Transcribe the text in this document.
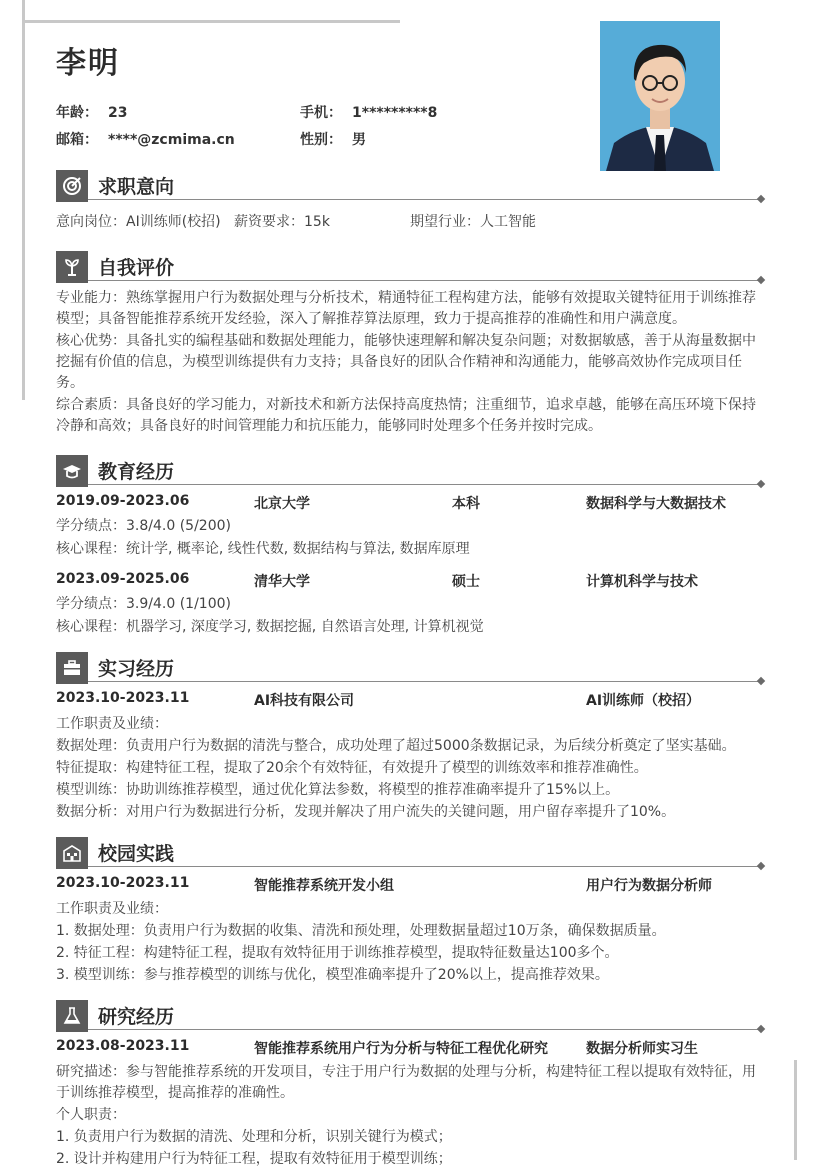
李明
年龄： 23	手机： 1*********8
邮箱： ****@zcmima.cn	性别： 男
求职意向
意向岗位：AI训练师(校招) 薪资要求：15k	期望行业：人工智能
自我评价

专业能力：熟练掌握用户行为数据处理与分析技术，精通特征工程构建方法，能够有效提取关键特征用于训练推荐模型；具备智能推荐系统开发经验，深入了解推荐算法原理，致力于提高推荐的准确性和用户满意度。

核心优势：具备扎实的编程基础和数据处理能力，能够快速理解和解决复杂问题；对数据敏感，善于从海量数据中挖掘有价值的信息，为模型训练提供有力支持；具备良好的团队合作精神和沟通能力，能够高效协作完成项目任务。

综合素质：具备良好的学习能力，对新技术和新方法保持高度热情；注重细节，追求卓越，能够在高压环境下保持冷静和高效；具备良好的时间管理能力和抗压能力，能够同时处理多个任务并按时完成。

教育经历
2019.09-2023.06	北京大学	本科	数据科学与大数据技术
学分绩点：3.8/4.0 (5/200)
核心课程：统计学, 概率论, 线性代数, 数据结构与算法, 数据库原理
2023.09-2025.06	清华大学	硕士	计算机科学与技术
学分绩点：3.9/4.0 (1/100)
核心课程：机器学习, 深度学习, 数据挖掘, 自然语言处理, 计算机视觉
实习经历
2023.10-2023.11	AI科技有限公司	AI训练师（校招）

工作职责及业绩：

数据处理：负责用户行为数据的清洗与整合，成功处理了超过5000条数据记录，为后续分析奠定了坚实基础。

特征提取：构建特征工程，提取了20余个有效特征，有效提升了模型的训练效率和推荐准确性。

模型训练：协助训练推荐模型，通过优化算法参数，将模型的推荐准确率提升了15%以上。

数据分析：对用户行为数据进行分析，发现并解决了用户流失的关键问题，用户留存率提升了10%。

校园实践
2023.10-2023.11	智能推荐系统开发小组	用户行为数据分析师

工作职责及业绩：

1. 数据处理：负责用户行为数据的收集、清洗和预处理，处理数据量超过10万条，确保数据质量。

2. 特征工程：构建特征工程，提取有效特征用于训练推荐模型，提取特征数量达100多个。

3. 模型训练：参与推荐模型的训练与优化，模型准确率提升了20%以上，提高推荐效果。

研究经历
2023.08-2023.11	智能推荐系统用户行为分析与特征工程优化研究	数据分析师实习生

研究描述：参与智能推荐系统的开发项目，专注于用户行为数据的处理与分析，构建特征工程以提取有效特征，用于训练推荐模型，提高推荐的准确性。

个人职责：

1. 负责用户行为数据的清洗、处理和分析，识别关键行为模式；

2. 设计并构建用户行为特征工程，提取有效特征用于模型训练；
